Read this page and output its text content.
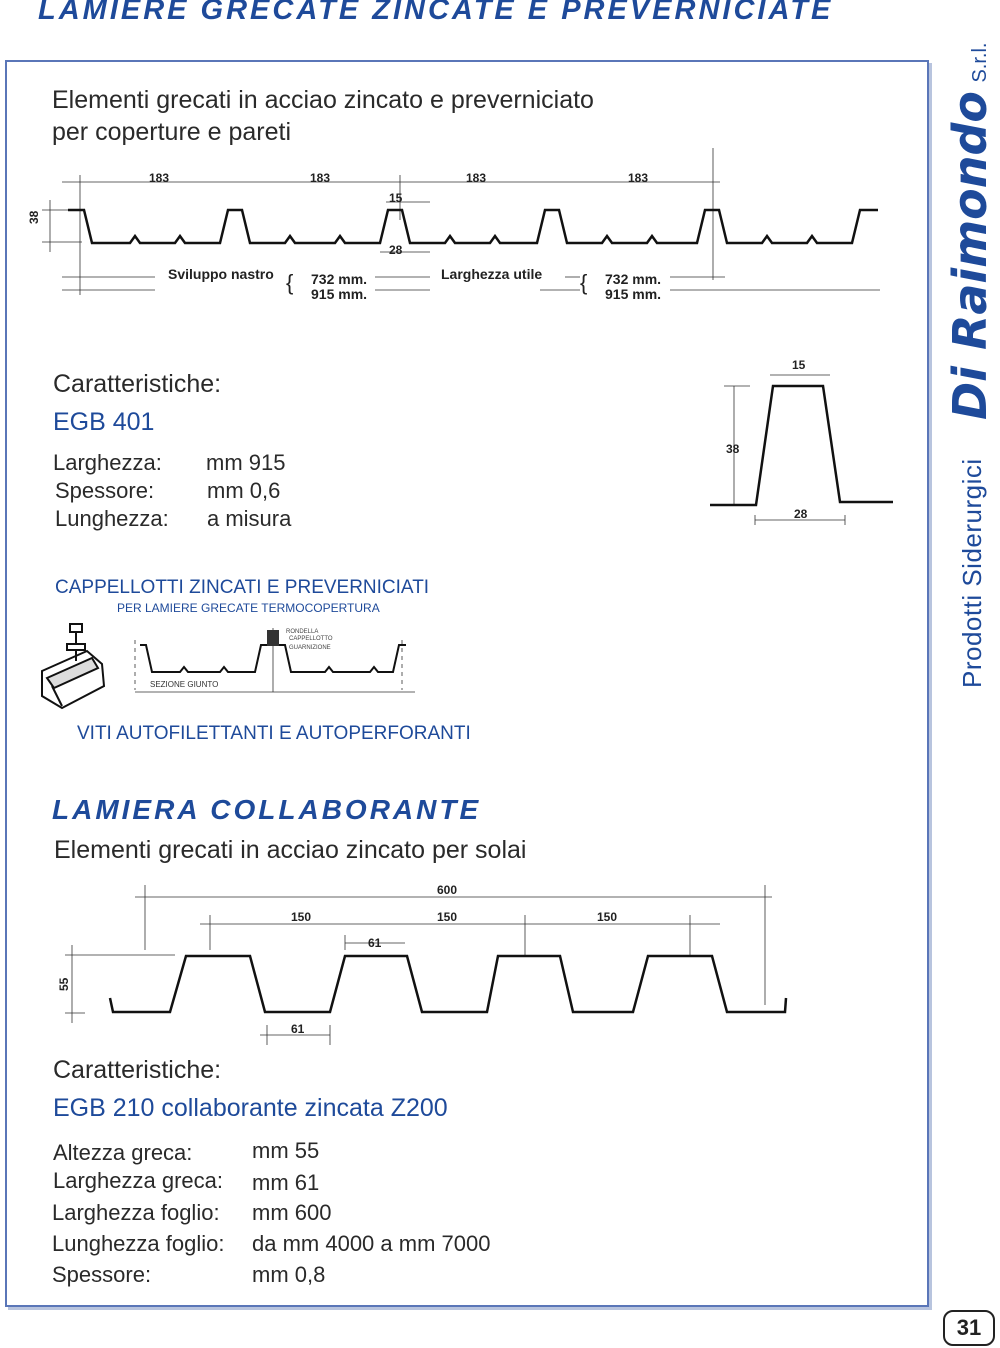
LAMIERE GRECATE ZINCATE E PREVERNICIATE
Elementi grecati in acciao zincato e preverniciato
per coperture e pareti
{	{
183	183	183	183
15
28
38
Sviluppo nastro	732 mm.
915 mm.
Larghezza utile	732 mm.
915 mm.
Caratteristiche:
EGB 401
Larghezza: mm 915
Spessore: mm 0,6
Lunghezza: a misura
15
38
28
CAPPELLOTTI ZINCATI E PREVERNICIATI
PER LAMIERE GRECATE TERMOCOPERTURA
RONDELLA
CAPPELLOTTO
GUARNIZIONE
SEZIONE GIUNTO
VITI AUTOFILETTANTI E AUTOPERFORANTI
LAMIERA COLLABORANTE
Elementi grecati in acciao zincato per solai
600
150	150	150
61
61
55
Caratteristiche:
EGB 210 collaborante zincata Z200
Altezza greca:	mm 55
Larghezza greca: mm 61
Larghezza foglio: mm 600
Lunghezza foglio: da mm 4000 a mm 7000
Spessore:	mm 0,8
Di Raimondo S.r.l.
Prodotti Siderurgici
31
